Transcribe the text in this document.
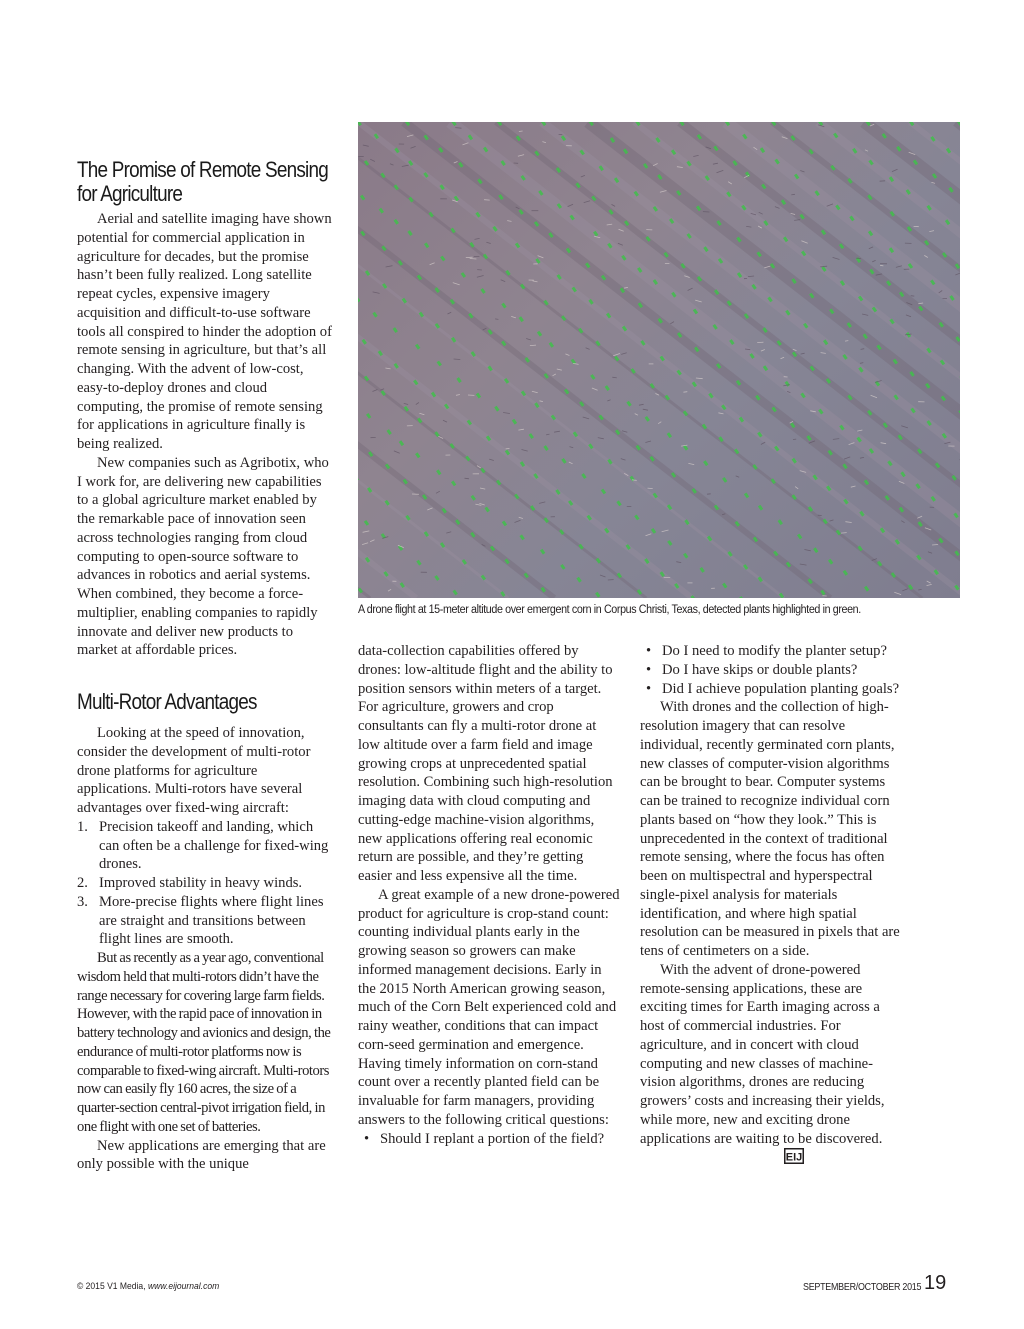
The Promise of Remote Sensing for Agriculture

Aerial and satellite imaging have shown potential for commercial application in agriculture for decades, but the promise hasn’t been fully realized. Long satellite repeat cycles, expensive imagery acquisition and difficult-to-use software tools all conspired to hinder the adoption of remote sensing in agriculture, but that’s all changing. With the advent of low-cost, easy-to-deploy drones and cloud computing, the promise of remote sensing for applications in agriculture finally is being realized.

New companies such as Agribotix, who I work for, are delivering new capabilities to a global agriculture market enabled by the remarkable pace of innovation seen across technologies ranging from cloud computing to open-source software to advances in robotics and aerial systems. When combined, they become a force-multiplier, enabling companies to rapidly innovate and deliver new products to market at affordable prices.

Multi-Rotor Advantages

Looking at the speed of innovation, consider the development of multi-rotor drone platforms for agriculture applications. Multi-rotors have several advantages over fixed-wing aircraft:

1. Precision takeoff and landing, which can often be a challenge for fixed-wing drones.
2. Improved stability in heavy winds.
3. More-precise flights where flight lines are straight and transitions between flight lines are smooth.

But as recently as a year ago, conventional wisdom held that multi-rotors didn’t have the range necessary for covering large farm fields. However, with the rapid pace of innovation in battery technology and avionics and design, the endurance of multi-rotor platforms now is comparable to fixed-wing aircraft. Multi-rotors now can easily fly 160 acres, the size of a quarter-section central-pivot irrigation field, in one flight with one set of batteries.

New applications are emerging that are only possible with the unique

A drone flight at 15-meter altitude over emergent corn in Corpus Christi, Texas, detected plants highlighted in green.

data-collection capabilities offered by drones: low-altitude flight and the ability to position sensors within meters of a target. For agriculture, growers and crop consultants can fly a multi-rotor drone at low altitude over a farm field and image growing crops at unprecedented spatial resolution. Combining such high-resolution imaging data with cloud computing and cutting-edge machine-vision algorithms, new applications offering real economic return are possible, and they’re getting easier and less expensive all the time.

A great example of a new drone-powered product for agriculture is crop-stand count: counting individual plants early in the growing season so growers can make informed management decisions. Early in the 2015 North American growing season, much of the Corn Belt experienced cold and rainy weather, conditions that can impact corn-seed germination and emergence. Having timely information on corn-stand count over a recently planted field can be invaluable for farm managers, providing answers to the following critical questions:

• Should I replant a portion of the field?
• Do I need to modify the planter setup?
• Do I have skips or double plants?
• Did I achieve population planting goals?

With drones and the collection of high-resolution imagery that can resolve individual, recently germinated corn plants, new classes of computer-vision algorithms can be brought to bear. Computer systems can be trained to recognize individual corn plants based on “how they look.” This is unprecedented in the context of traditional remote sensing, where the focus has often been on multispectral and hyperspectral single-pixel analysis for materials identification, and where high spatial resolution can be measured in pixels that are tens of centimeters on a side.

With the advent of drone-powered remote-sensing applications, these are exciting times for Earth imaging across a host of commercial industries. For agriculture, and in concert with cloud computing and new classes of machine-vision algorithms, drones are reducing growers’ costs and increasing their yields, while more, new and exciting drone applications are waiting to be discovered.
EIJ

© 2015 V1 Media, www.eijournal.com	SEPTEMBER/OCTOBER 2015 19
